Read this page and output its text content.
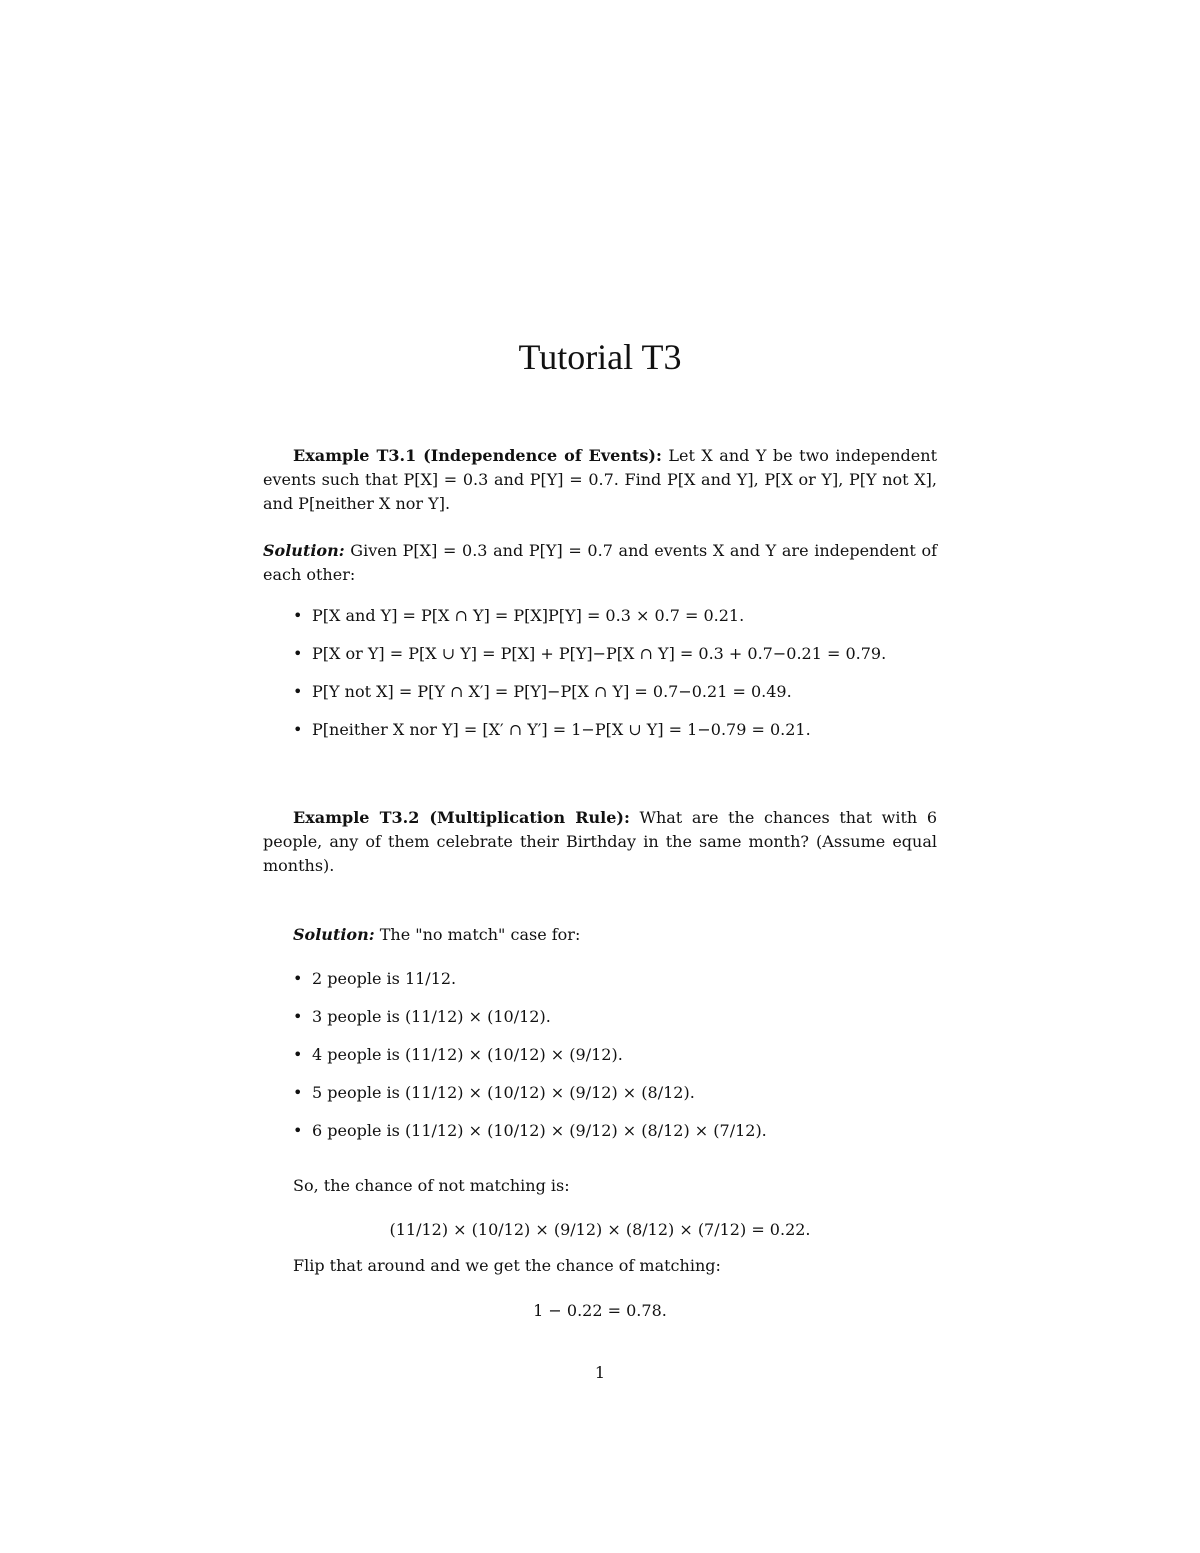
Tutorial T3

Example T3.1 (Independence of Events): Let X and Y be two independent events such that P[X] = 0.3 and P[Y] = 0.7. Find P[X and Y], P[X or Y], P[Y not X], and P[neither X nor Y].

Solution: Given P[X] = 0.3 and P[Y] = 0.7 and events X and Y are independent of each other:

• P[X and Y] = P[X ∩ Y] = P[X]P[Y] = 0.3 × 0.7 = 0.21.
• P[X or Y] = P[X ∪ Y] = P[X] + P[Y]−P[X ∩ Y] = 0.3 + 0.7−0.21 = 0.79.
• P[Y not X] = P[Y ∩ X′] = P[Y]−P[X ∩ Y] = 0.7−0.21 = 0.49.
• P[neither X nor Y] = [X′ ∩ Y′] = 1−P[X ∪ Y] = 1−0.79 = 0.21.

Example T3.2 (Multiplication Rule): What are the chances that with 6 people, any of them celebrate their Birthday in the same month? (Assume equal months).

Solution: The "no match" case for:

• 2 people is 11/12.
• 3 people is (11/12) × (10/12).
• 4 people is (11/12) × (10/12) × (9/12).
• 5 people is (11/12) × (10/12) × (9/12) × (8/12).
• 6 people is (11/12) × (10/12) × (9/12) × (8/12) × (7/12).

So, the chance of not matching is:

(11/12) × (10/12) × (9/12) × (8/12) × (7/12) = 0.22.

Flip that around and we get the chance of matching:

1 − 0.22 = 0.78.
1
